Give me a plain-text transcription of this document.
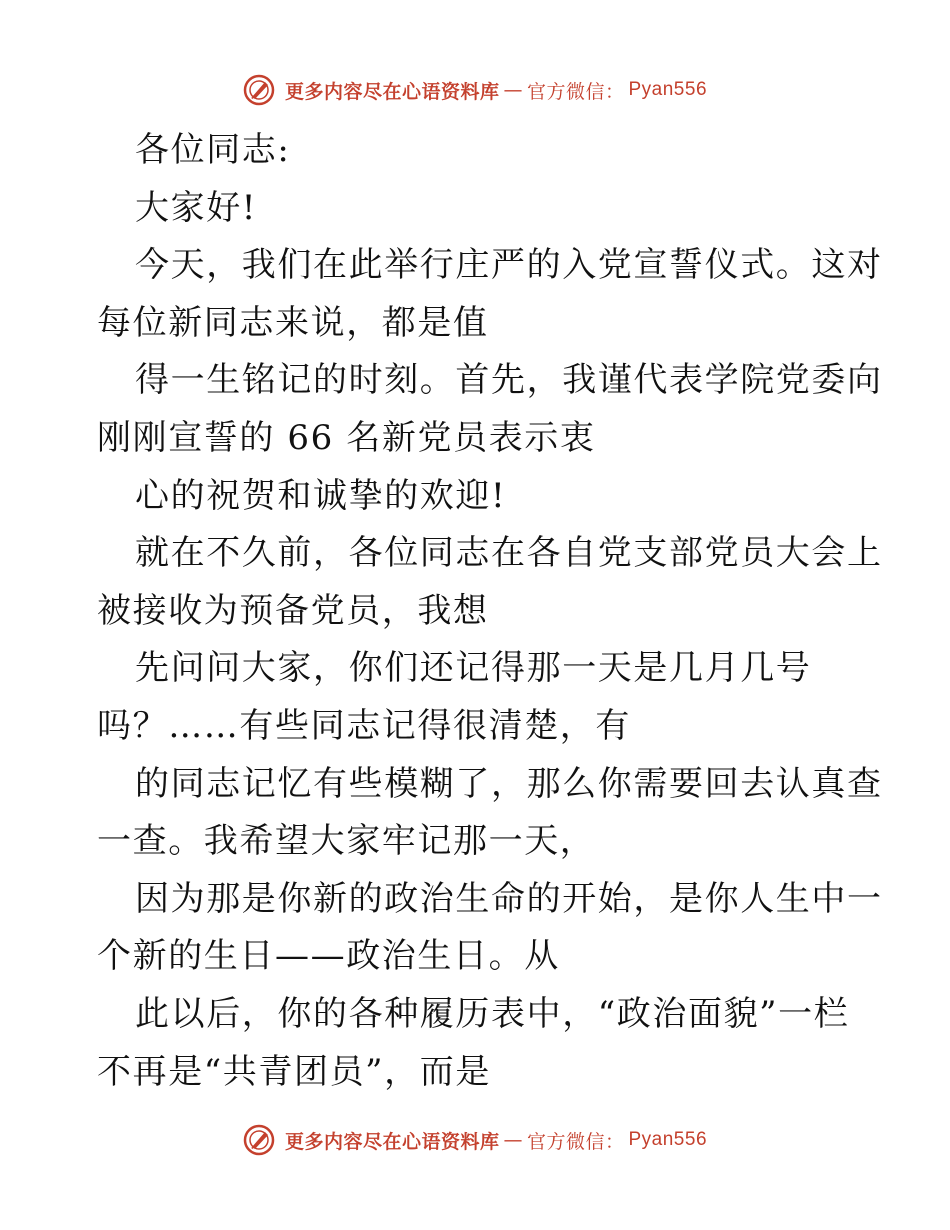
更多内容尽在心语资料库 — 官方微信： Pyan556
各位同志:
大家好!
今天，我们在此举行庄严的入党宣誓仪式。这对
每位新同志来说，都是值
得一生铭记的时刻。首先，我谨代表学院党委向
刚刚宣誓的 66 名新党员表示衷
心的祝贺和诚挚的欢迎!
就在不久前，各位同志在各自党支部党员大会上
被接收为预备党员，我想
先问问大家，你们还记得那一天是几月几号
吗？……有些同志记得很清楚，有
的同志记忆有些模糊了，那么你需要回去认真查
一查。我希望大家牢记那一天，
因为那是你新的政治生命的开始，是你人生中一
个新的生日——政治生日。从
此以后，你的各种履历表中，“政治面貌”一栏
不再是“共青团员”，而是
更多内容尽在心语资料库 — 官方微信： Pyan556
